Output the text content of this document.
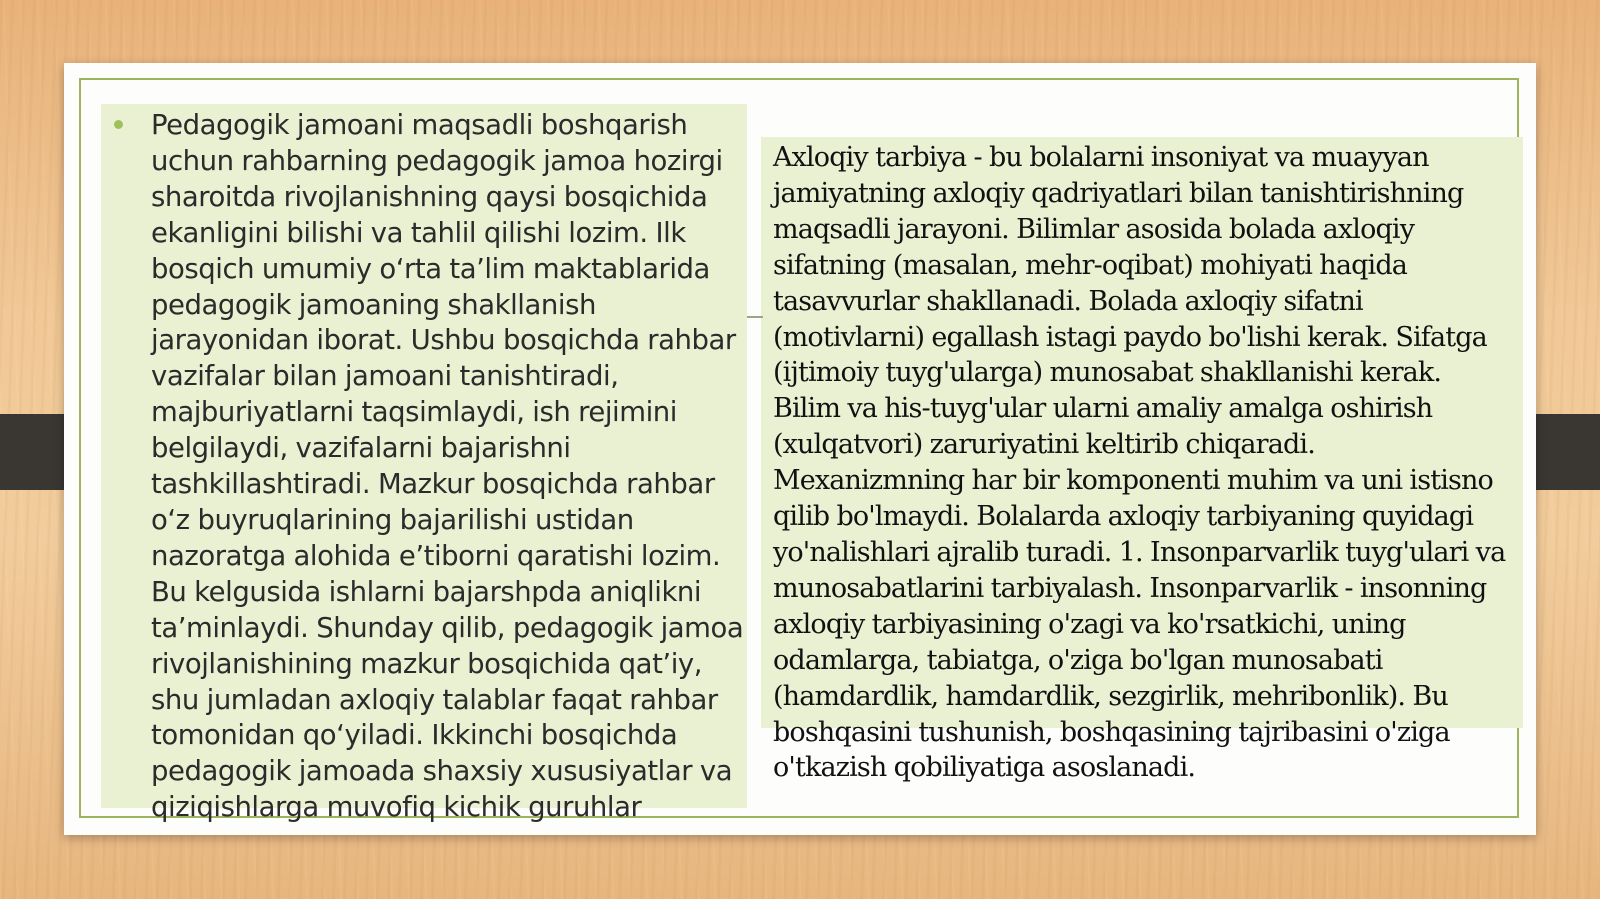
Pedagogik jamoani maqsadli boshqarish uchun rahbarning pedagogik jamoa hozirgi sharoitda rivojlanishning qaysi bosqichida ekanligini bilishi va tahlil qilishi lozim. Ilk bosqich umumiy o‘rta ta’lim maktablarida pedagogik jamoaning shakllanish jarayonidan iborat. Ushbu bosqichda rahbar vazifalar bilan jamoani tanishtiradi, majburiyatlarni taqsimlaydi, ish rejimini belgilaydi, vazifalarni bajarishni tashkillashtiradi. Mazkur bosqichda rahbar o‘z buyruqlarining bajarilishi ustidan nazoratga alohida e’tiborni qaratishi lozim. Bu kelgusida ishlarni bajarshpda aniqlikni ta’minlaydi. Shunday qilib, pedagogik jamoa rivojlanishining mazkur bosqichida qat’iy, shu jumladan axloqiy talablar faqat rahbar tomonidan qo‘yiladi. Ikkinchi bosqichda pedagogik jamoada shaxsiy xususiyatlar va qiziqishlarga muvofiq kichik guruhlar

Axloqiy tarbiya - bu bolalarni insoniyat va muayyan jamiyatning axloqiy qadriyatlari bilan tanishtirishning maqsadli jarayoni. Bilimlar asosida bolada axloqiy sifatning (masalan, mehr-oqibat) mohiyati haqida tasavvurlar shakllanadi. Bolada axloqiy sifatni (motivlarni) egallash istagi paydo bo'lishi kerak. Sifatga (ijtimoiy tuyg'ularga) munosabat shakllanishi kerak. Bilim va his-tuyg'ular ularni amaliy amalga oshirish (xulqatvori) zaruriyatini keltirib chiqaradi. Mexanizmning har bir komponenti muhim va uni istisno qilib bo'lmaydi. Bolalarda axloqiy tarbiyaning quyidagi yo'nalishlari ajralib turadi. 1. Insonparvarlik tuyg'ulari va munosabatlarini tarbiyalash. Insonparvarlik - insonning axloqiy tarbiyasining o'zagi va ko'rsatkichi, uning odamlarga, tabiatga, o'ziga bo'lgan munosabati (hamdardlik, hamdardlik, sezgirlik, mehribonlik). Bu boshqasini tushunish, boshqasining tajribasini o'ziga o'tkazish qobiliyatiga asoslanadi.
